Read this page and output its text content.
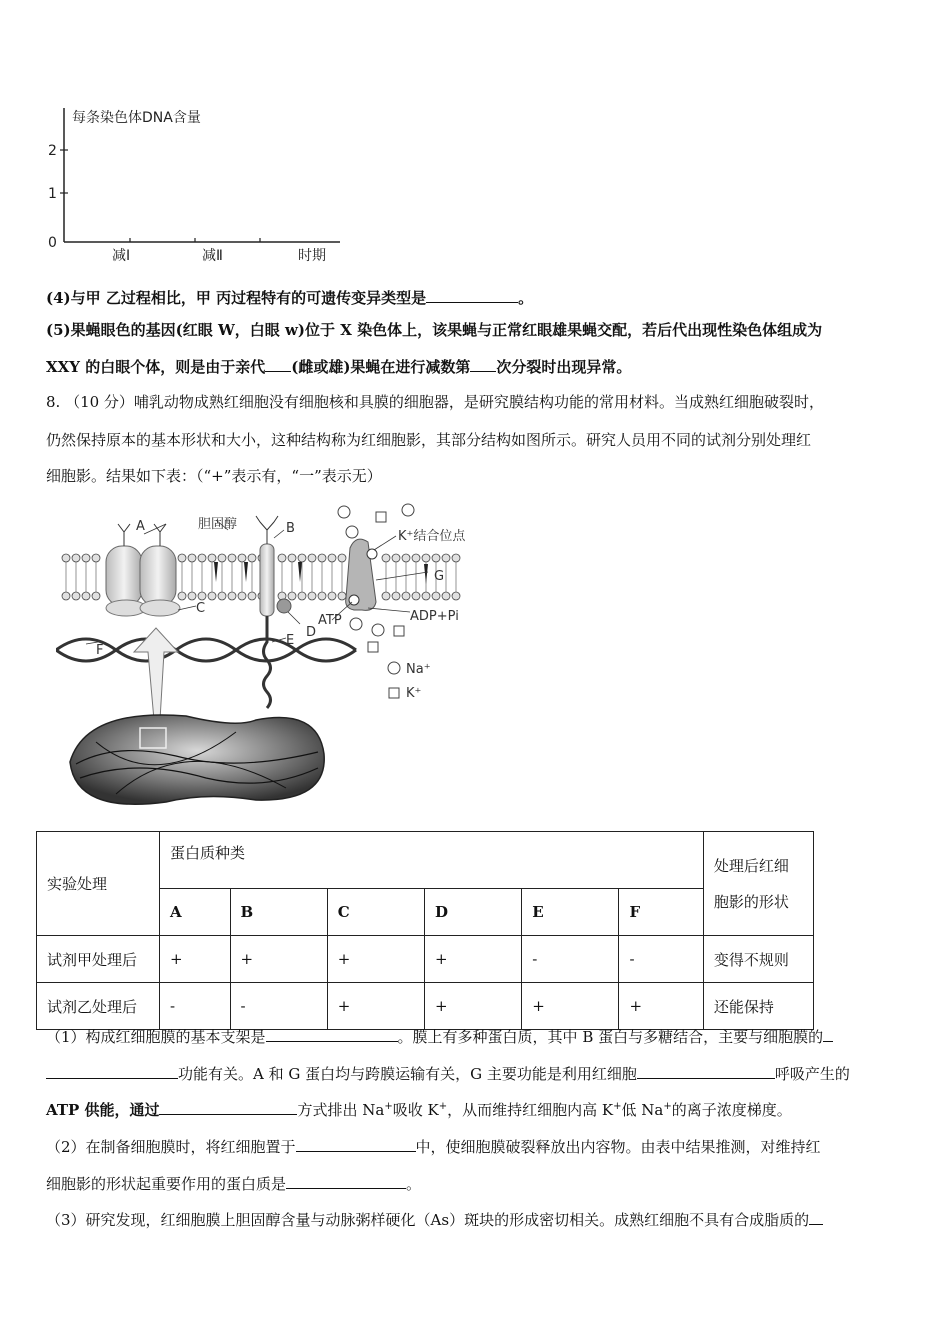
每条染色体DNA含量
2
1
0
减Ⅰ	减Ⅱ	时期
(4)与甲 乙过程相比，甲 丙过程特有的可遗传变异类型是	。
(5)果蝇眼色的基因(红眼 W，白眼 w)位于 X 染色体上，该果蝇与正常红眼雄果蝇交配，若后代出现性染色体组成为
XXY 的白眼个体，则是由于亲代 (雌或雄)果蝇在进行减数第 次分裂时出现异常。
8. （10 分）哺乳动物成熟红细胞没有细胞核和具膜的细胞器，是研究膜结构功能的常用材料。当成熟红细胞破裂时，
仍然保持原本的基本形状和大小，这种结构称为红细胞影，其部分结构如图所示。研究人员用不同的试剂分别处理红
细胞影。结果如下表：（“+”表示有，“一”表示无）
A	胆固醇	B
K⁺结合位点
G
C
ATP	ADP+Pi
D
E
F
Na⁺
K⁺
实验处理	蛋白质种类						处理后红细
胞影的形状

	A	B	C	D	E	F	
试剂甲处理后	+	+	+	+	-	-	变得不规则
试剂乙处理后	-	-	+	+	+	+	还能保持
（1）构成红细胞膜的基本支架是	。膜上有多种蛋白质，其中 B 蛋白与多糖结合，主要与细胞膜的
功能有关。A 和 G 蛋白均与跨膜运输有关，G 主要功能是利用红细胞	呼吸产生的
ATP 供能，通过	方式排出 Na+吸收 K+，从而维持红细胞内高 K+低 Na+的离子浓度梯度。
（2）在制备细胞膜时，将红细胞置于	中，使细胞膜破裂释放出内容物。由表中结果推测，对维持红
细胞影的形状起重要作用的蛋白质是	。
（3）研究发现，红细胞膜上胆固醇含量与动脉粥样硬化（As）斑块的形成密切相关。成熟红细胞不具有合成脂质的
